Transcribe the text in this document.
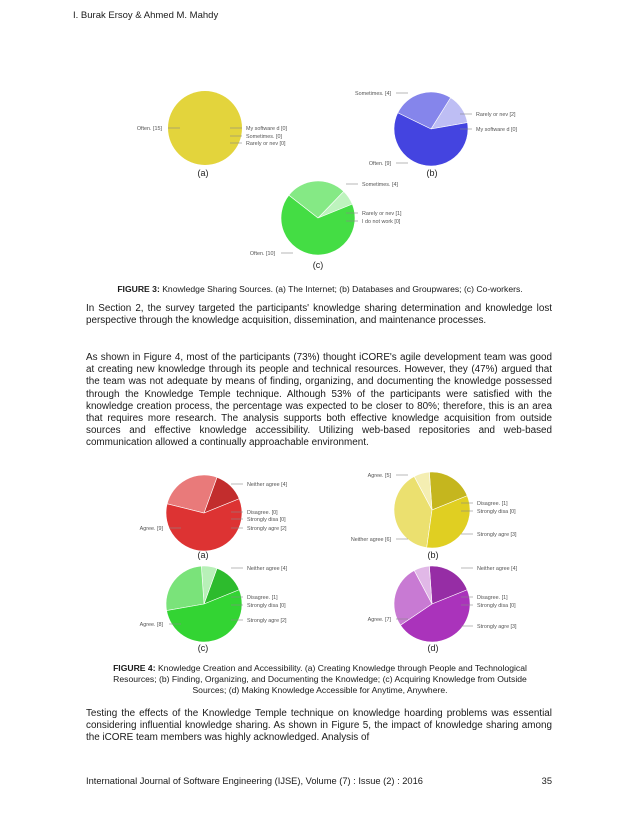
I. Burak Ersoy & Ahmed M. Mahdy
Often. [15]	My software d [0]
Sometimes. [0]
Rarely or nev [0]
(a)
Often. [9]
Sometimes. [4]
Rarely or nev [2]
My software d [0]
(b)
Often. [10]
Sometimes. [4]
Rarely or nev [1]
I do not work [0]
(c)
FIGURE 3: Knowledge Sharing Sources. (a) The Internet; (b) Databases and Groupwares; (c) Co-workers.

In Section 2, the survey targeted the participants' knowledge sharing determination and knowledge lost perspective through the knowledge acquisition, dissemination, and maintenance processes.

As shown in Figure 4, most of the participants (73%) thought iCORE's agile development team was good at creating new knowledge through its people and technical resources. However, they (47%) argued that the team was not adequate by means of finding, organizing, and documenting the knowledge possessed through the Knowledge Temple technique. Although 53% of the participants were satisfied with the knowledge creation process, the percentage was expected to be closer to 80%; therefore, this is an area that requires more research. The analysis supports both effective knowledge acquisition from outside sources and effective knowledge accessibility. Utilizing web-based repositories and web-based communication allowed a continually approachable environment.

Agree. [9]
Neither agree [4]
Disagree. [0]
Strongly disa [0]
Strongly agre [2]
(a)
Agree. [5]
Neither agree [6]
Disagree. [1]
Strongly disa [0]
Strongly agre [3]
(b)
Agree. [8]
Neither agree [4]
Disagree. [1]
Strongly disa [0]
Strongly agre [2]
(c)
Agree. [7]
Neither agree [4]
Disagree. [1]
Strongly disa [0]
Strongly agre [3]
(d)
FIGURE 4: Knowledge Creation and Accessibility. (a) Creating Knowledge through People and Technological Resources; (b) Finding, Organizing, and Documenting the Knowledge; (c) Acquiring Knowledge from Outside Sources; (d) Making Knowledge Accessible for Anytime, Anywhere.

Testing the effects of the Knowledge Temple technique on knowledge hoarding problems was essential considering influential knowledge sharing. As shown in Figure 5, the impact of knowledge sharing among the iCORE team members was highly acknowledged. Analysis of

International Journal of Software Engineering (IJSE), Volume (7) : Issue (2) : 2016	35
